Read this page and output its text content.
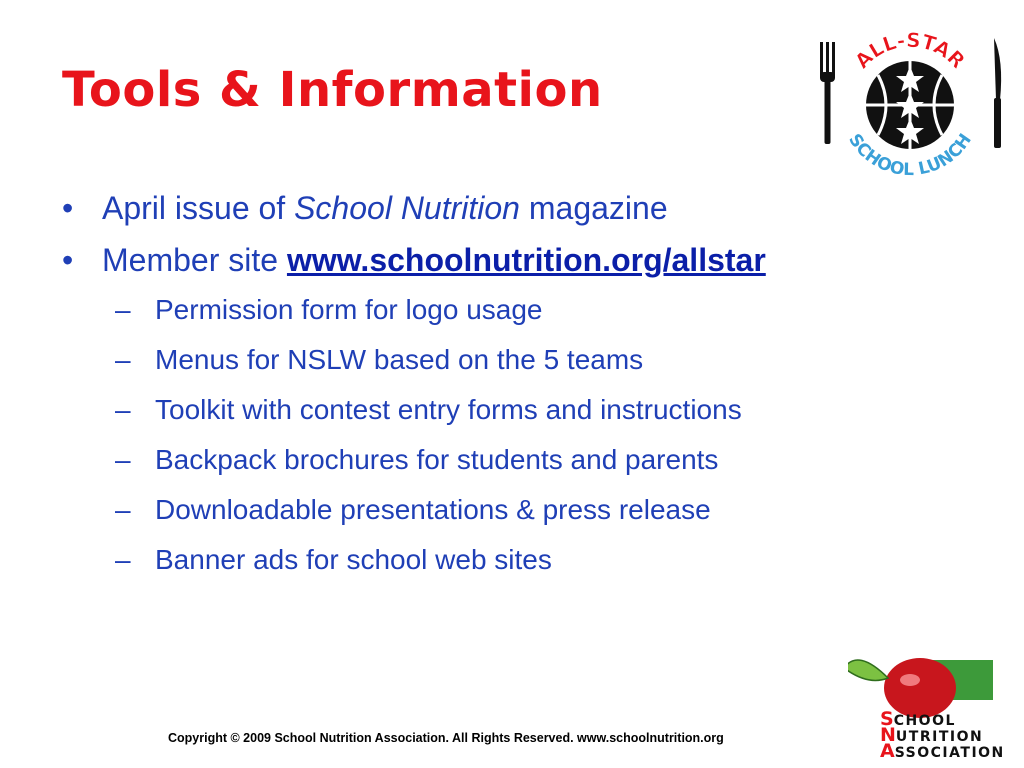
Tools & Information
ALL-STAR
SCHOOL LUNCH
• April issue of School Nutrition magazine
• Member site www.schoolnutrition.org/allstar
– Permission form for logo usage
– Menus for NSLW based on the 5 teams
– Toolkit with contest entry forms and instructions
– Backpack brochures for students and parents
– Downloadable presentations & press release
– Banner ads for school web sites
Copyright © 2009 School Nutrition Association. All Rights Reserved. www.schoolnutrition.org
SCHOOL
NUTRITION
ASSOCIATION
